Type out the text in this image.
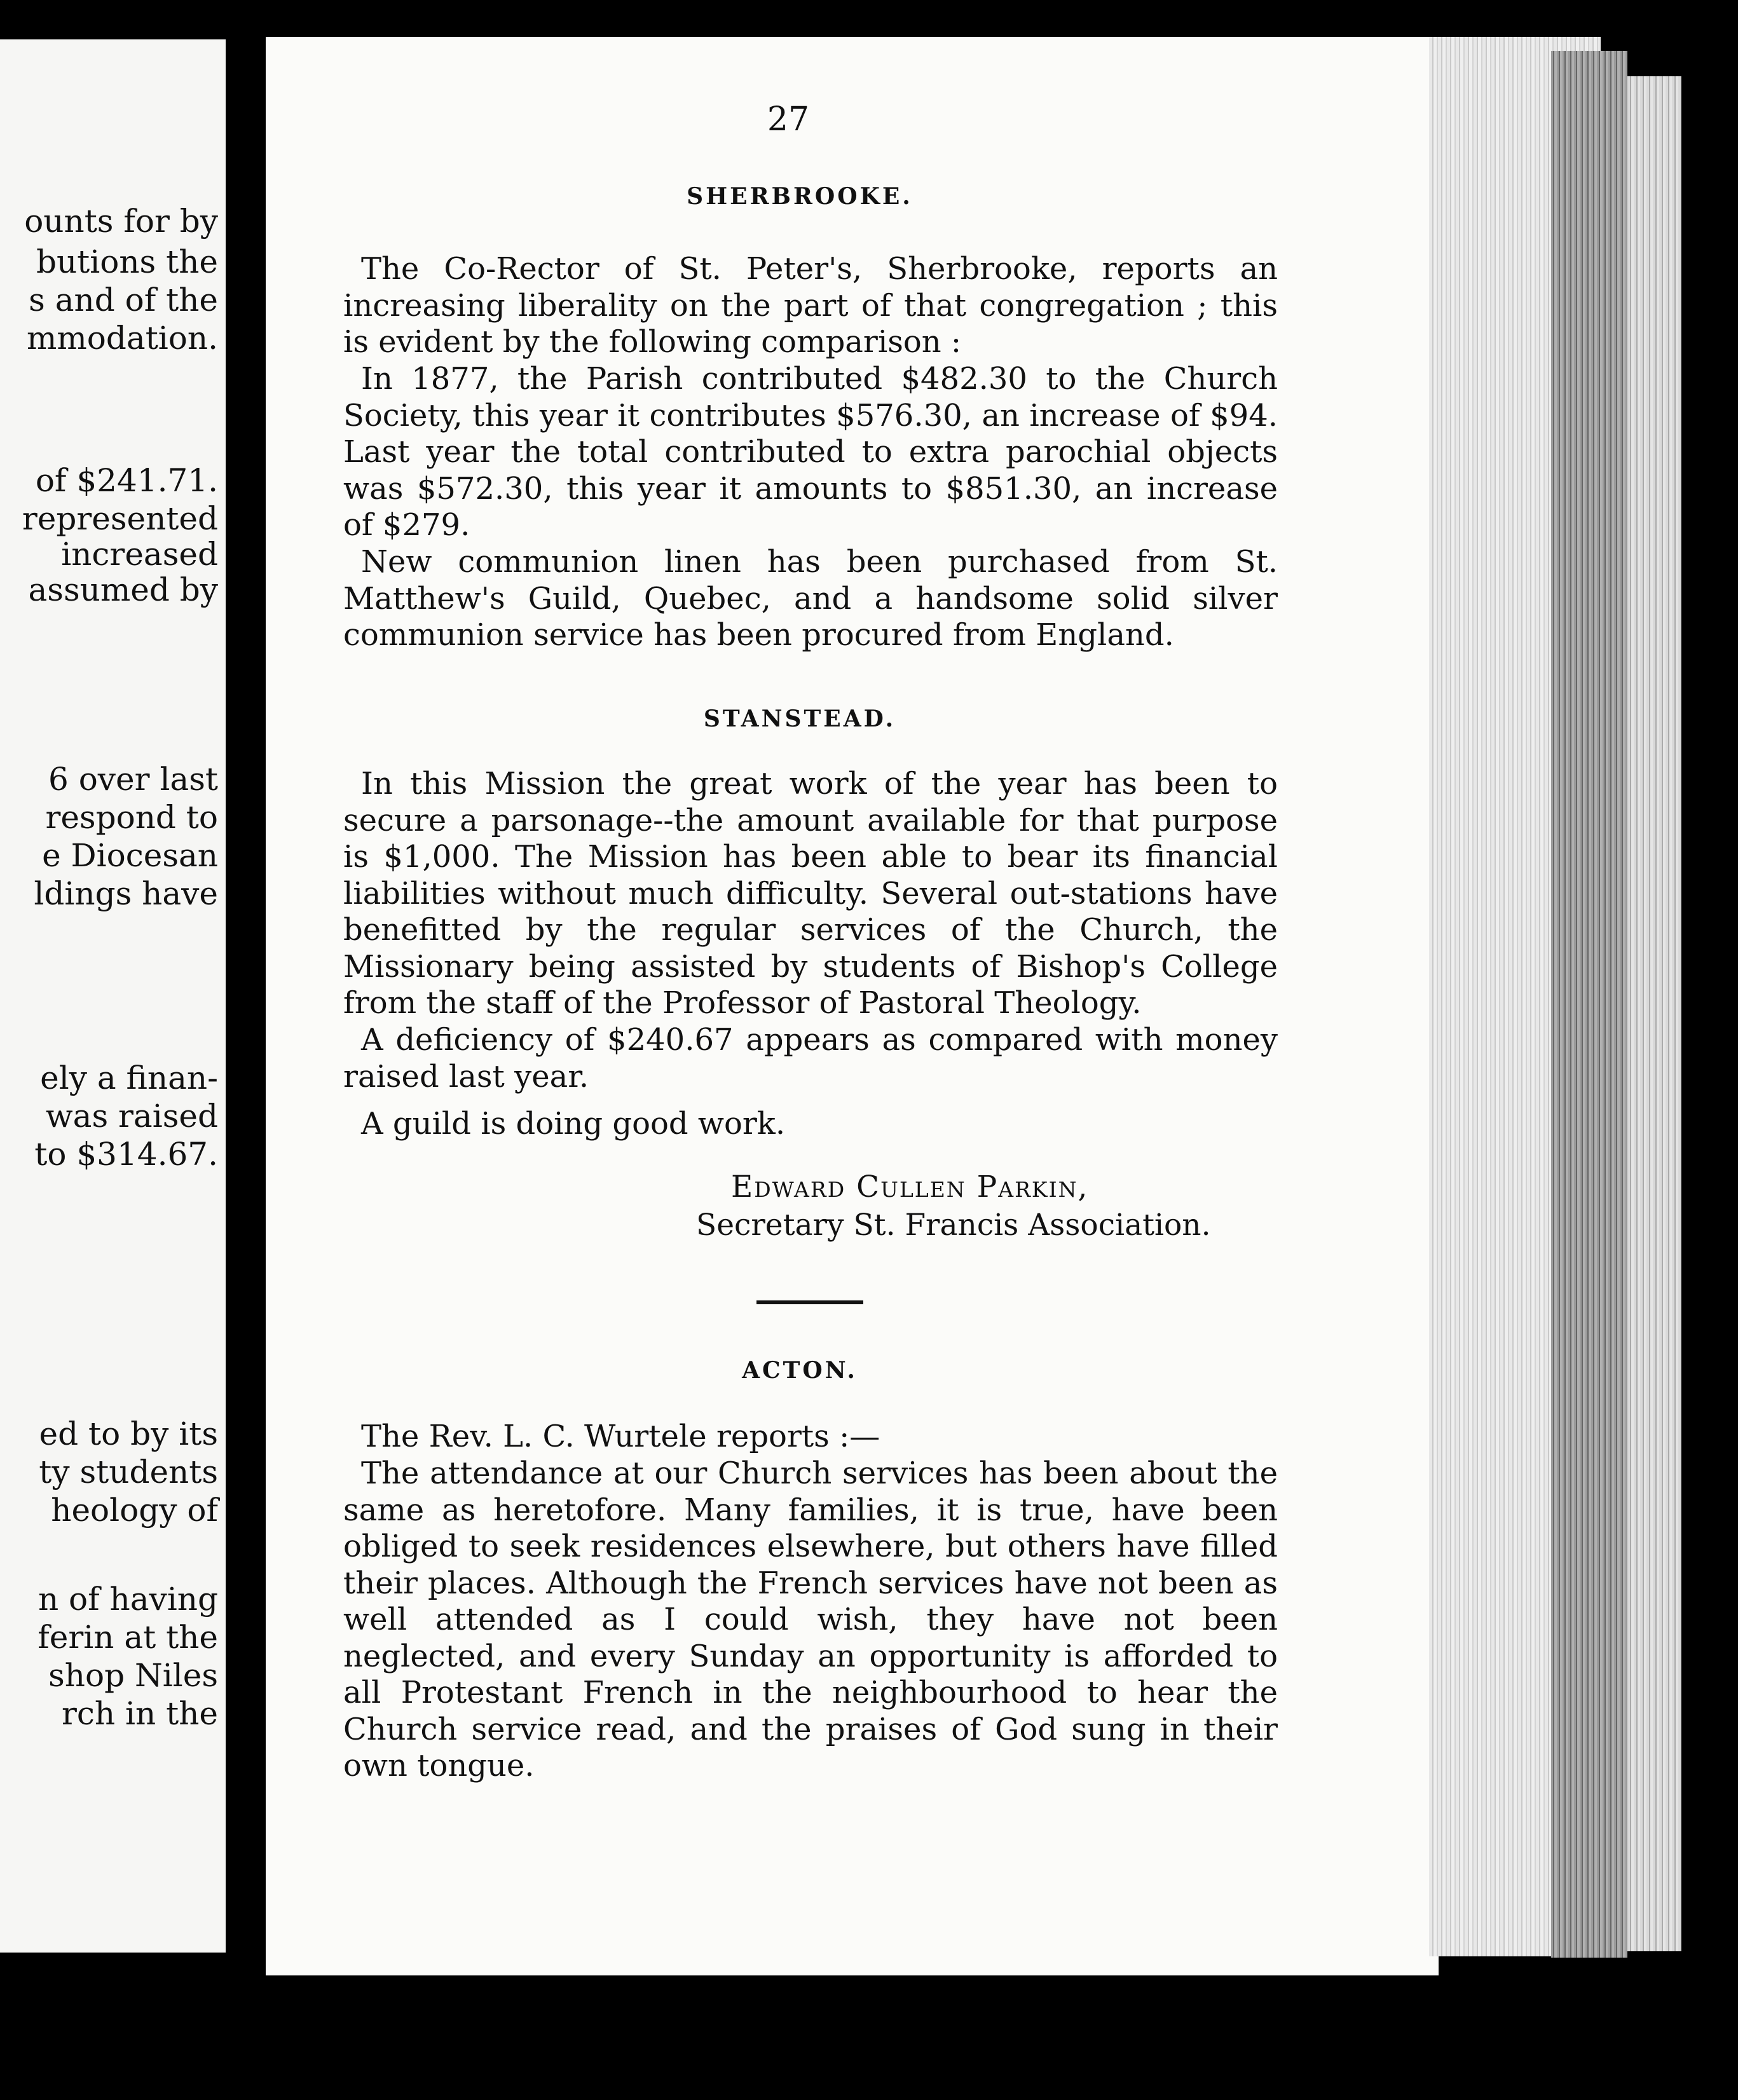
ounts for by
butions the
s and of the
mmodation.
of $241.71.
represented
increased
assumed by
6 over last
respond to
e Diocesan
ldings have
ely a finan-
was raised
to $314.67.
ed to by its
ty students
heology of
n of having
ferin at the
shop Niles
rch in the
27
SHERBROOKE.

The Co-Rector of St. Peter's, Sherbrooke, reports an increasing liberality on the part of that congregation ; this is evident by the following comparison :

In 1877, the Parish contributed $482.30 to the Church Society, this year it contributes $576.30, an increase of $94. Last year the total contributed to extra parochial objects was $572.30, this year it amounts to $851.30, an increase of $279.

New communion linen has been purchased from St. Matthew's Guild, Quebec, and a handsome solid silver communion service has been procured from England.

STANSTEAD.

In this Mission the great work of the year has been to secure a parsonage--the amount available for that purpose is $1,000. The Mission has been able to bear its financial liabilities without much difficulty. Several out-stations have benefitted by the regular services of the Church, the Missionary being assisted by students of Bishop's College from the staff of the Professor of Pastoral Theology.

A deficiency of $240.67 appears as compared with money raised last year.

A guild is doing good work.

Edward Cullen Parkin,
Secretary St. Francis Association.
ACTON.

The Rev. L. C. Wurtele reports :—

The attendance at our Church services has been about the same as heretofore. Many families, it is true, have been obliged to seek residences elsewhere, but others have filled their places. Although the French services have not been as well attended as I could wish, they have not been neglected, and every Sunday an opportunity is afforded to all Protestant French in the neighbourhood to hear the Church service read, and the praises of God sung in their own tongue.
